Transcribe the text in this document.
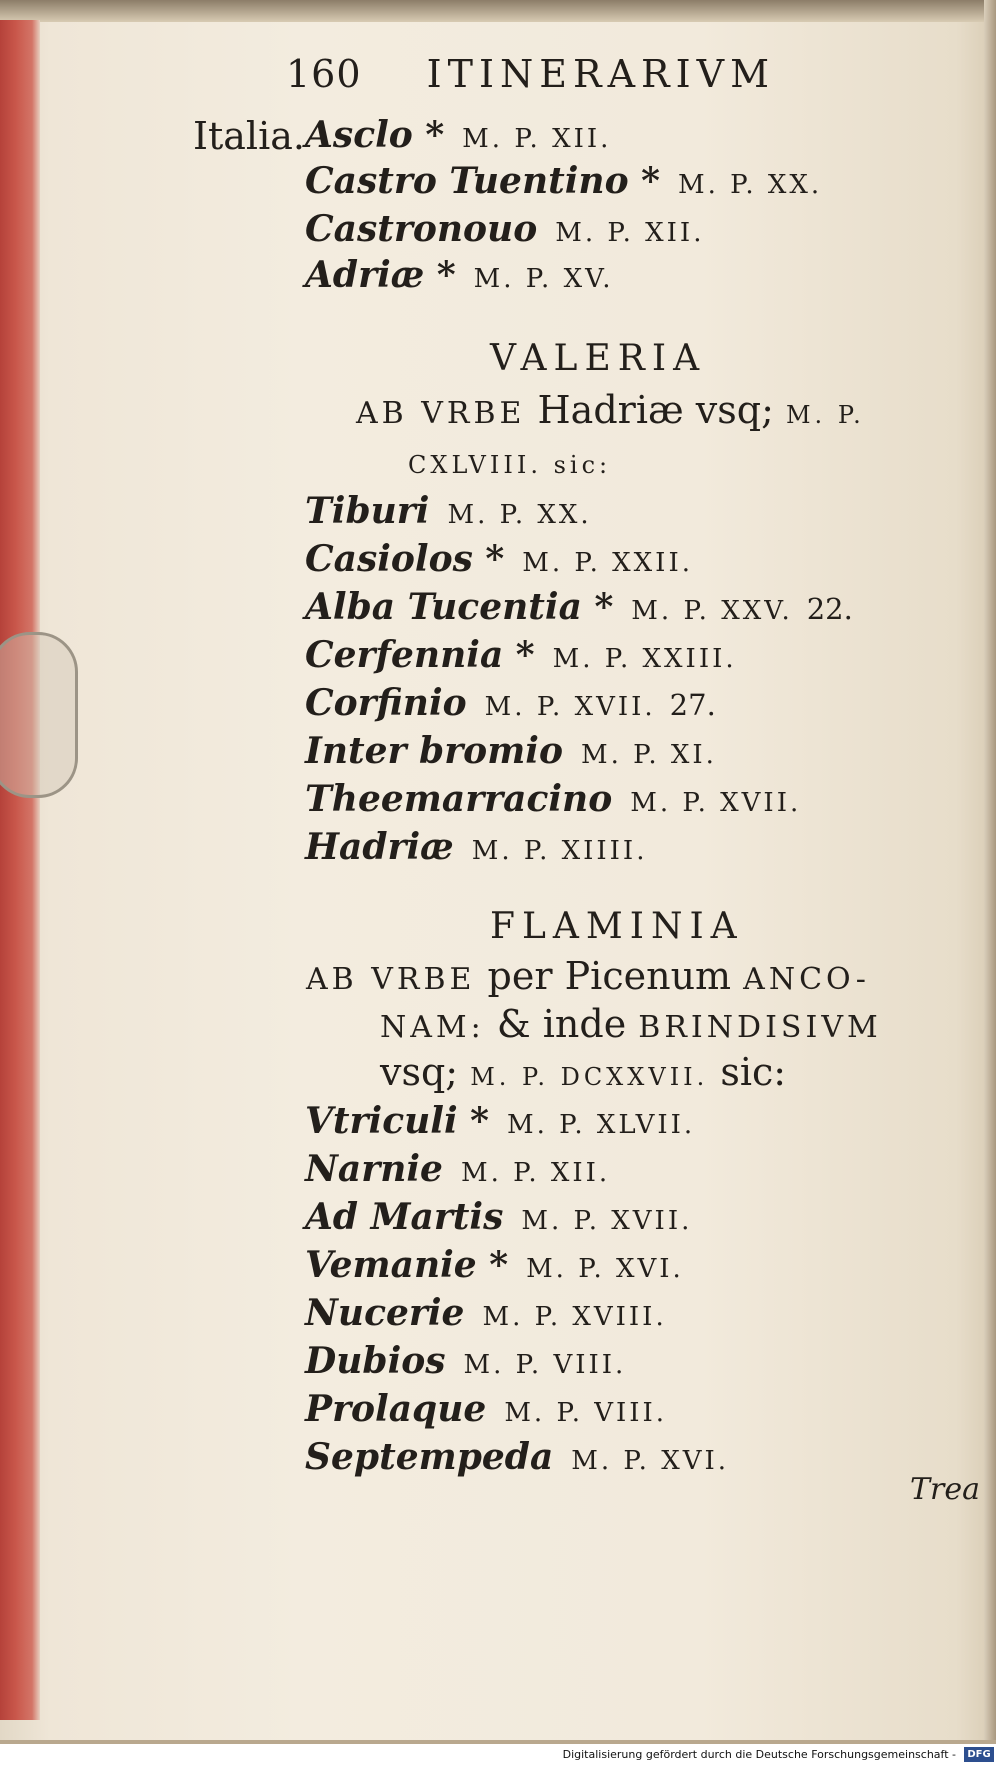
160 ITINERARIVM
Italia. Asclo * M. P. XII.
Castro Tuentino * M. P. XX.
Castronouo M. P. XII.
Adriæ * M. P. XV.
VALERIA
AB VRBE Hadriæ vsq; M. P.
CXLVIII. sic:
Tiburi M. P. XX.
Casiolos * M. P. XXII.
Alba Tucentia * M. P. XXV. 22.
Cerfennia * M. P. XXIII.
Corfinio M. P. XVII. 27.
Inter bromio M. P. XI.
Theemarracino M. P. XVII.
Hadriæ M. P. XIIII.
FLAMINIA
AB VRBE per Picenum ANCO-
NAM: & inde BRINDISIVM
vsq; M. P. DCXXVII. sic:
Vtriculi * M. P. XLVII.
Narnie M. P. XII.
Ad Martis M. P. XVII.
Vemanie * M. P. XVI.
Nucerie M. P. XVIII.
Dubios M. P. VIII.
Prolaque M. P. VIII.
Septempeda M. P. XVI.
Trea
Digitalisierung gefördert durch die Deutsche Forschungsgemeinschaft -	DFG
